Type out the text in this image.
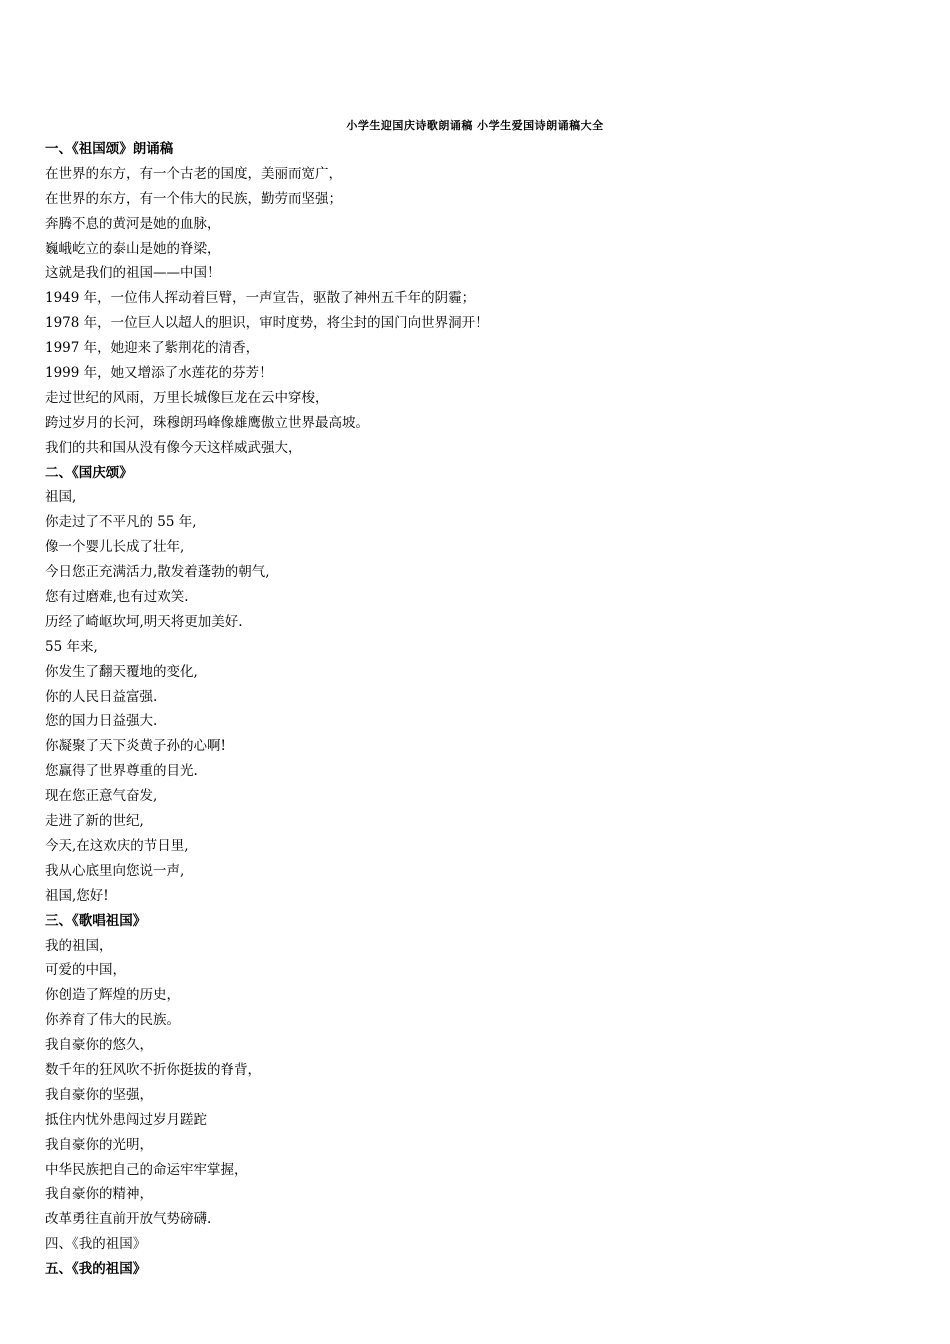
小学生迎国庆诗歌朗诵稿 小学生爱国诗朗诵稿大全
一、《祖国颂》朗诵稿
在世界的东方，有一个古老的国度，美丽而宽广，
在世界的东方，有一个伟大的民族，勤劳而坚强；
奔腾不息的黄河是她的血脉，
巍峨屹立的泰山是她的脊梁，
这就是我们的祖国——中国！
1949 年，一位伟人挥动着巨臂，一声宣告，驱散了神州五千年的阴霾；
1978 年，一位巨人以超人的胆识，审时度势，将尘封的国门向世界洞开！
1997 年，她迎来了紫荆花的清香，
1999 年，她又增添了水莲花的芬芳！
走过世纪的风雨，万里长城像巨龙在云中穿梭，
跨过岁月的长河，珠穆朗玛峰像雄鹰傲立世界最高坡。
我们的共和国从没有像今天这样威武强大，
二、《国庆颂》
祖国,
你走过了不平凡的 55 年,
像一个婴儿长成了壮年,
今日您正充满活力,散发着蓬勃的朝气,
您有过磨难,也有过欢笑.
历经了崎岖坎坷,明天将更加美好.
55 年来,
你发生了翻天覆地的变化,
你的人民日益富强.
您的国力日益强大.
你凝聚了天下炎黄子孙的心啊!
您赢得了世界尊重的目光.
现在您正意气奋发,
走进了新的世纪,
今天,在这欢庆的节日里,
我从心底里向您说一声,
祖国,您好!
三、《歌唱祖国》
我的祖国，
可爱的中国，
你创造了辉煌的历史，
你养育了伟大的民族。
我自豪你的悠久，
数千年的狂风吹不折你挺拔的脊背，
我自豪你的坚强，
抵住内忧外患闯过岁月蹉跎
我自豪你的光明，
中华民族把自己的命运牢牢掌握，
我自豪你的精神，
改革勇往直前开放气势磅礴.
四、《我的祖国》
五、《我的祖国》
